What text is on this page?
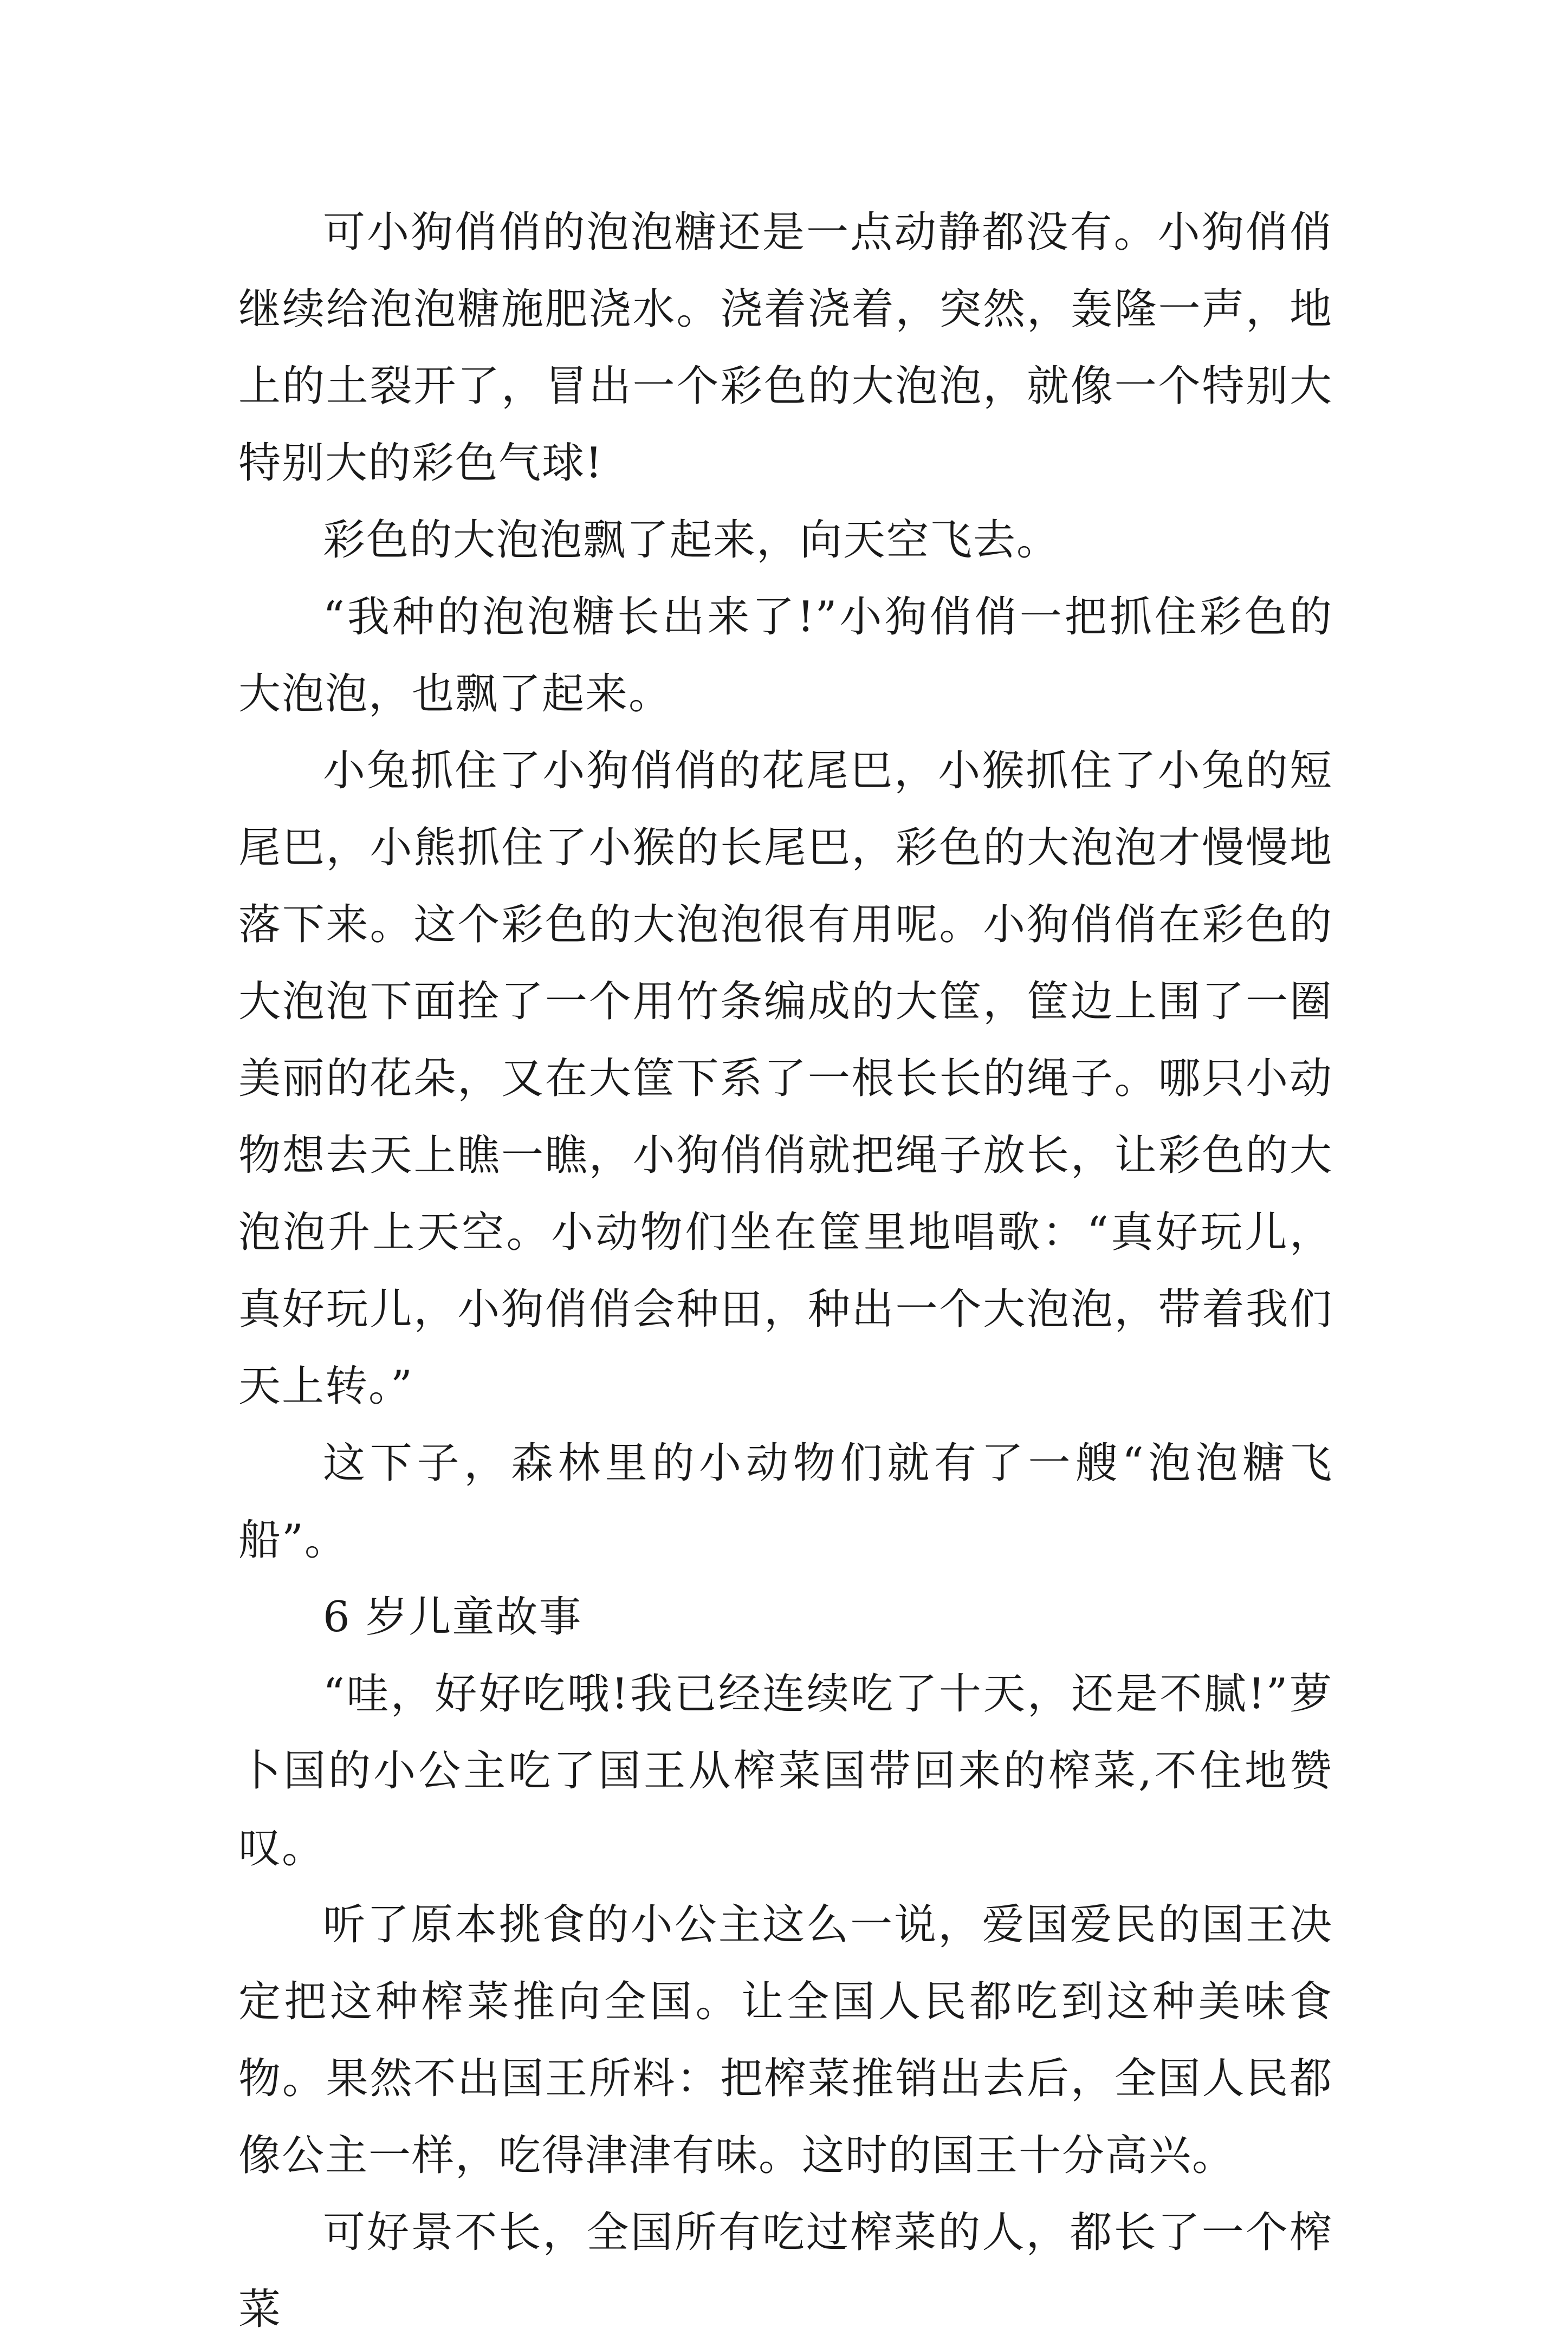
可小狗俏俏的泡泡糖还是一点动静都没有。小狗俏俏继续给泡泡糖施肥浇水。浇着浇着，突然，轰隆一声，地上的土裂开了，冒出一个彩色的大泡泡，就像一个特别大特别大的彩色气球!

彩色的大泡泡飘了起来，向天空飞去。

“我种的泡泡糖长出来了!”小狗俏俏一把抓住彩色的大泡泡，也飘了起来。

小兔抓住了小狗俏俏的花尾巴，小猴抓住了小兔的短尾巴，小熊抓住了小猴的长尾巴，彩色的大泡泡才慢慢地落下来。这个彩色的大泡泡很有用呢。小狗俏俏在彩色的大泡泡下面拴了一个用竹条编成的大筐，筐边上围了一圈美丽的花朵，又在大筐下系了一根长长的绳子。哪只小动物想去天上瞧一瞧，小狗俏俏就把绳子放长，让彩色的大泡泡升上天空。小动物们坐在筐里地唱歌：“真好玩儿，真好玩儿，小狗俏俏会种田，种出一个大泡泡，带着我们天上转。”

这下子，森林里的小动物们就有了一艘“泡泡糖飞船”。

6 岁儿童故事

“哇，好好吃哦!我已经连续吃了十天，还是不腻!”萝卜国的小公主吃了国王从榨菜国带回来的榨菜,不住地赞叹。

听了原本挑食的小公主这么一说，爱国爱民的国王决定把这种榨菜推向全国。让全国人民都吃到这种美味食物。果然不出国王所料：把榨菜推销出去后，全国人民都像公主一样，吃得津津有味。这时的国王十分高兴。

可好景不长，全国所有吃过榨菜的人，都长了一个榨菜
